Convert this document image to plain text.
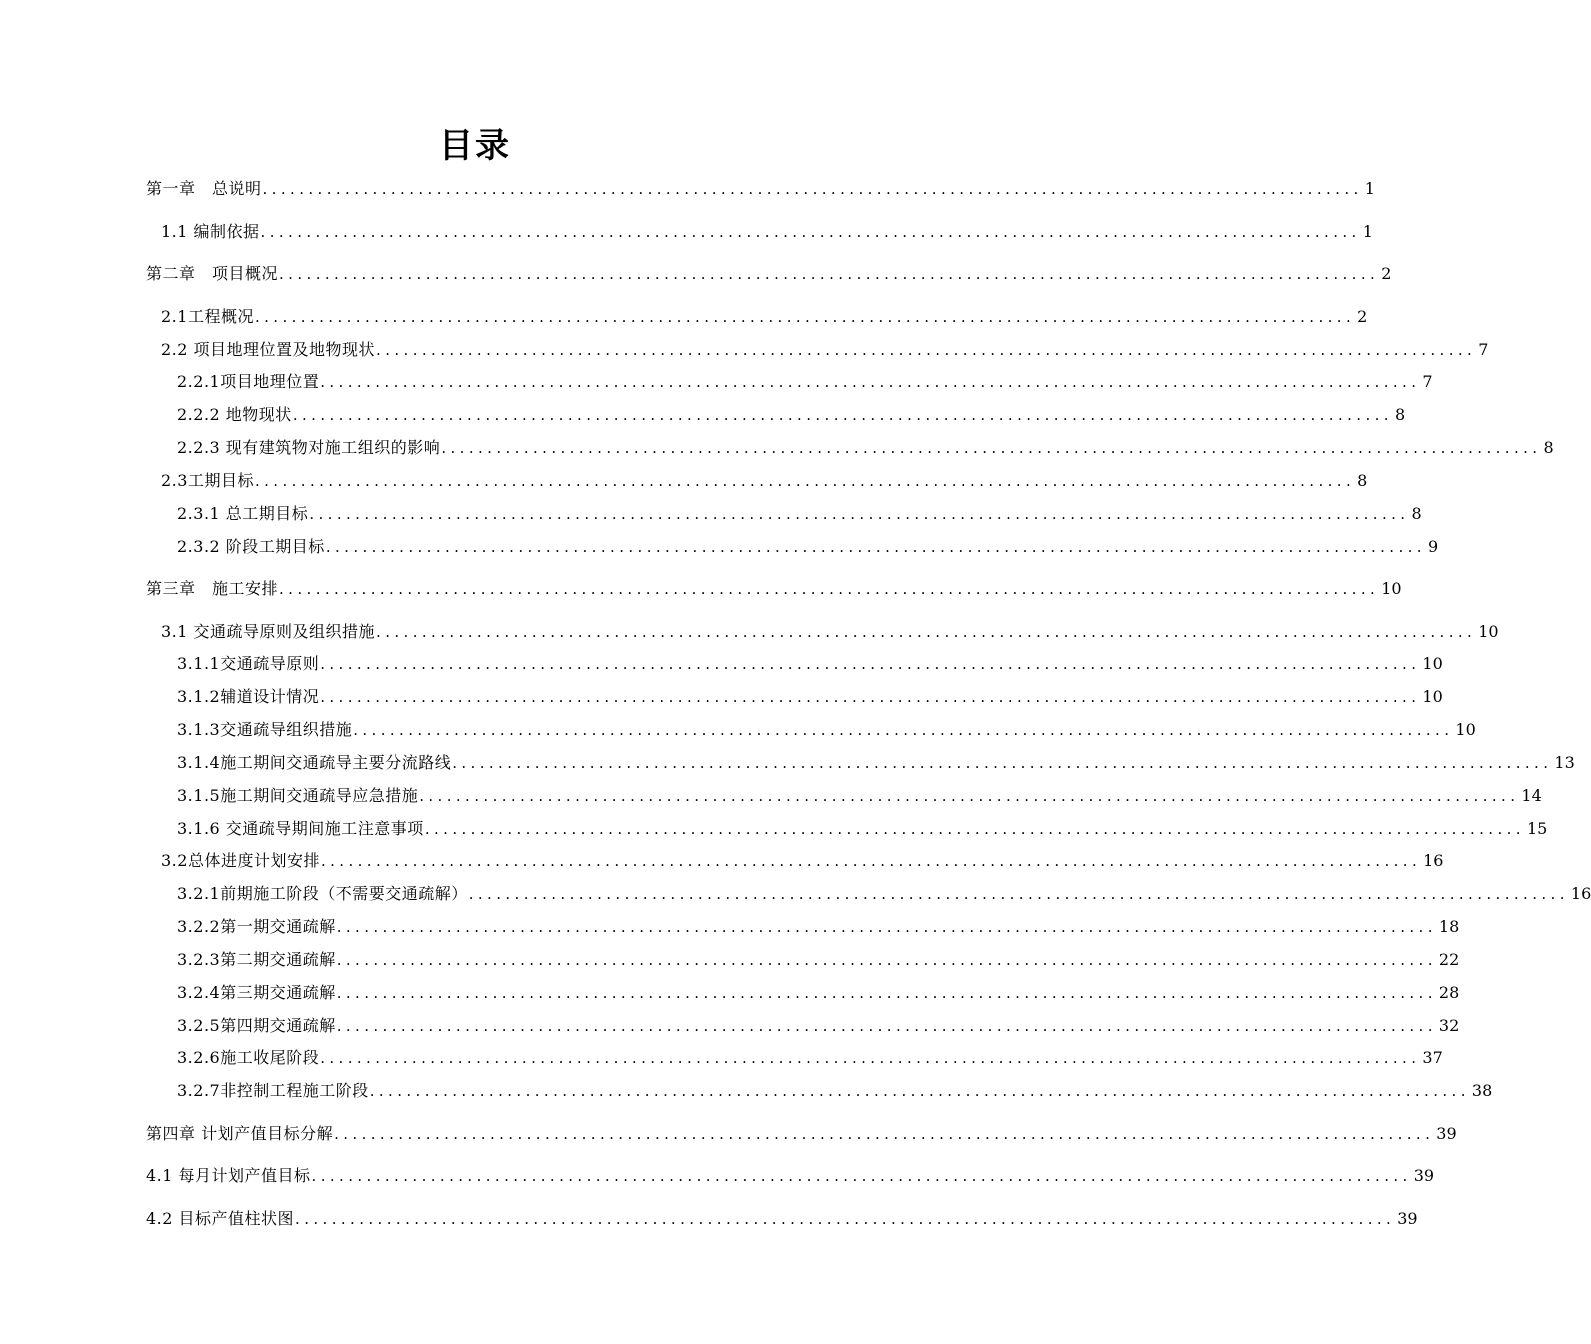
目录
第一章　总说明 ........................................................................................................................ 1
1.1 编制依据 ........................................................................................................................ 1
第二章　项目概况 ........................................................................................................................ 2
2.1工程概况 ........................................................................................................................ 2
2.2 项目地理位置及地物现状 ........................................................................................................................ 7
2.2.1项目地理位置 ........................................................................................................................ 7
2.2.2 地物现状 ........................................................................................................................ 8
2.2.3 现有建筑物对施工组织的影响 ........................................................................................................................ 8
2.3工期目标 ........................................................................................................................ 8
2.3.1 总工期目标 ........................................................................................................................ 8
2.3.2 阶段工期目标 ........................................................................................................................ 9
第三章　施工安排 ........................................................................................................................ 10
3.1 交通疏导原则及组织措施 ........................................................................................................................ 10
3.1.1交通疏导原则 ........................................................................................................................ 10
3.1.2辅道设计情况 ........................................................................................................................ 10
3.1.3交通疏导组织措施 ........................................................................................................................ 10
3.1.4施工期间交通疏导主要分流路线 ........................................................................................................................ 13
3.1.5施工期间交通疏导应急措施 ........................................................................................................................ 14
3.1.6 交通疏导期间施工注意事项 ........................................................................................................................ 15
3.2总体进度计划安排 ........................................................................................................................ 16
3.2.1前期施工阶段（不需要交通疏解） ........................................................................................................................ 16
3.2.2第一期交通疏解 ........................................................................................................................ 18
3.2.3第二期交通疏解 ........................................................................................................................ 22
3.2.4第三期交通疏解 ........................................................................................................................ 28
3.2.5第四期交通疏解 ........................................................................................................................ 32
3.2.6施工收尾阶段 ........................................................................................................................ 37
3.2.7非控制工程施工阶段 ........................................................................................................................ 38
第四章 计划产值目标分解 ........................................................................................................................ 39
4.1 每月计划产值目标 ........................................................................................................................ 39
4.2 目标产值柱状图 ........................................................................................................................ 39
